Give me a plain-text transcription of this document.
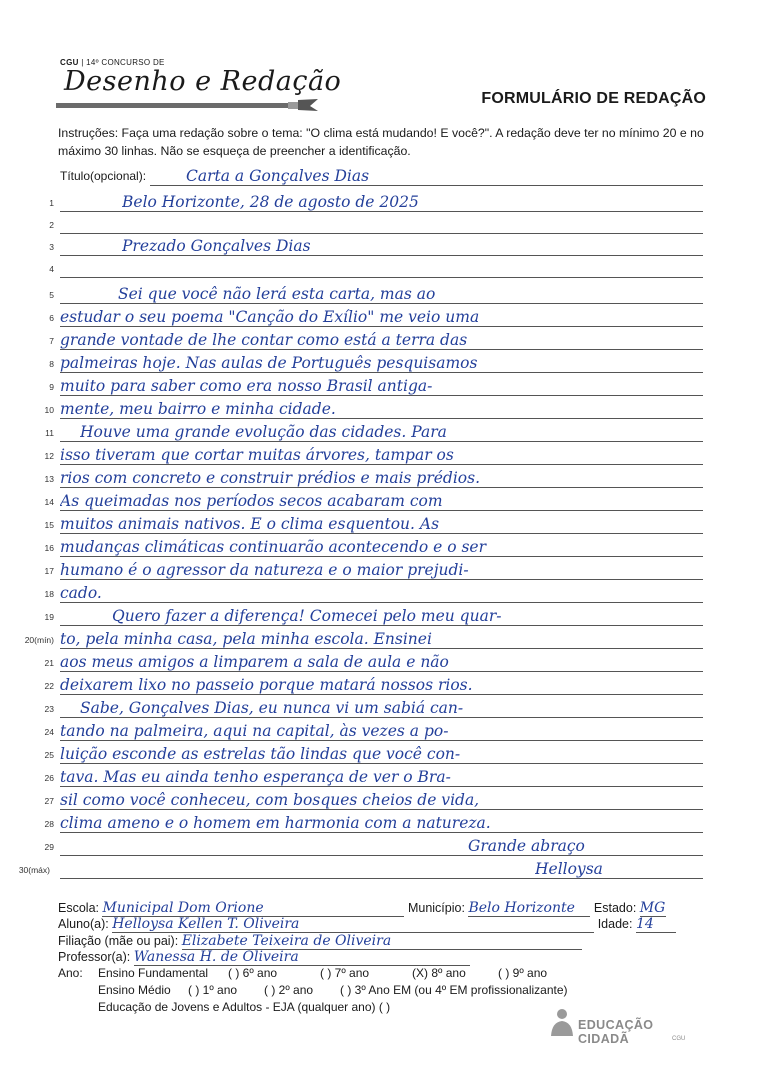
CGU | 14º CONCURSO DE
Desenho e Redação
FORMULÁRIO DE REDAÇÃO
Instruções: Faça uma redação sobre o tema: "O clima está mudando! E você?". A redação deve ter no mínimo 20 e no máximo 30 linhas. Não se esqueça de preencher a identificação.
Título(opcional):	Carta a Gonçalves Dias
1	Belo Horizonte, 28 de agosto de 2025
2
3	Prezado Gonçalves Dias
4
5	Sei que você não lerá esta carta, mas ao
6 estudar o seu poema "Canção do Exílio" me veio uma
7 grande vontade de lhe contar como está a terra das
8 palmeiras hoje. Nas aulas de Português pesquisamos
9 muito para saber como era nosso Brasil antiga-
10 mente, meu bairro e minha cidade.
11 Houve uma grande evolução das cidades. Para
12 isso tiveram que cortar muitas árvores, tampar os
13 rios com concreto e construir prédios e mais prédios.
14 As queimadas nos períodos secos acabaram com
15 muitos animais nativos. E o clima esquentou. As
16 mudanças climáticas continuarão acontecendo e o ser
17 humano é o agressor da natureza e o maior prejudi-
18 cado.
19	Quero fazer a diferença! Comecei pelo meu quar-
20(mín) to, pela minha casa, pela minha escola. Ensinei
21 aos meus amigos a limparem a sala de aula e não
22 deixarem lixo no passeio porque matará nossos rios.
23 Sabe, Gonçalves Dias, eu nunca vi um sabiá can-
24 tando na palmeira, aqui na capital, às vezes a po-
25 luição esconde as estrelas tão lindas que você con-
26 tava. Mas eu ainda tenho esperança de ver o Bra-
27 sil como você conheceu, com bosques cheios de vida,
28 clima ameno e o homem em harmonia com a natureza.
29	Grande abraço
30(máx)	Helloysa
Escola: Municipal Dom Orione	Município: Belo Horizonte Estado: MG
Aluno(a): Helloysa Kellen T. Oliveira	Idade: 14
Filiação (mãe ou pai): Elizabete Teixeira de Oliveira
Professor(a): Wanessa H. de Oliveira
Ano: Ensino Fundamental ( ) 6º ano	( ) 7º ano	(X) 8º ano	( ) 9º ano
Ensino Médio ( ) 1º ano ( ) 2º ano ( ) 3º Ano EM (ou 4º EM profissionalizante)
Educação de Jovens e Adultos - EJA (qualquer ano) ( )
EDUCAÇÃO CIDADÃ	CGU
